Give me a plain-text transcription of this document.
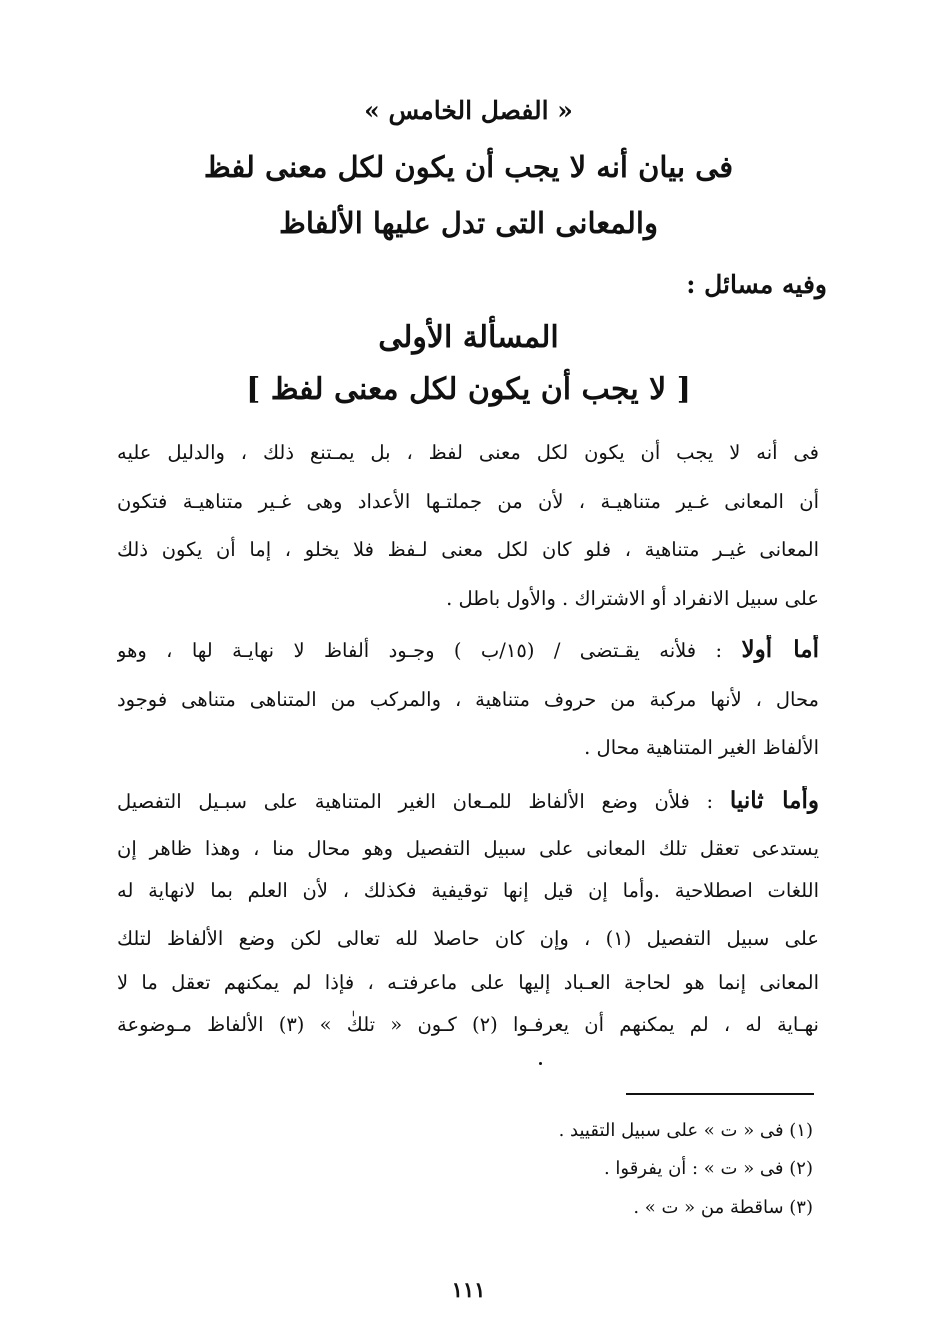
« الفصل الخامس »
فى بيان أنه لا يجب أن يكون لكل معنى لفظ
والمعانى التى تدل عليها الألفاظ
وفيه مسائل :
المسألة الأولى
[ لا يجب أن يكون لكل معنى لفظ ]
فى أنه لا يجب أن يكون لكل معنى لفظ ، بل يمـتنع ذلك ، والدليل عليه
أن المعانى غـير متناهيـة ، لأن من جملتـها الأعداد وهى غـير متناهيـة فتكون
المعانى غيـر متناهية ، فلو كان لكل معنى لـفظ فلا يخلو ، إما أن يكون ذلك
على سبيل الانفراد أو الاشتراك . والأول باطل .
أما أولا : فلأنه يقـتضى / (١٥/ب ) وجـود ألفاظ لا نهايـة لها ، وهو
محال ، لأنها مركبة من حروف متناهية ، والمركب من المتناهى متناهى فوجود
الألفاظ الغير المتناهية محال .
وأما ثانيا : فلأن وضع الألفاظ للمـعان الغير المتناهية على سبـيل التفصيل
يستدعى تعقل تلك المعانى على سبيل التفصيل وهو محال منا ، وهذا ظاهر إن
اللغات اصطلاحية .وأما إن قيل إنها توقيفية فكذلك ، لأن العلم بما لانهاية له
على سبيل التفصيل (١) ، وإن كان حاصلا لله تعالى لكن وضع الألفاظ لتلك
المعانى إنما هو لحاجة العـباد إليها على ماعرفتـه ، فإذا لم يمكنهم تعقل ما لا
نهـاية له ، لم يمكنهم أن يعرفـوا (٢) كـون « تلكٰ » (٣) الألفاظ مـوضوعة
(١) فى « ت » على سبيل التقييد .
(٢) فى « ت » : أن يفرقوا .
(٣) ساقطة من « ت » .
١١١
